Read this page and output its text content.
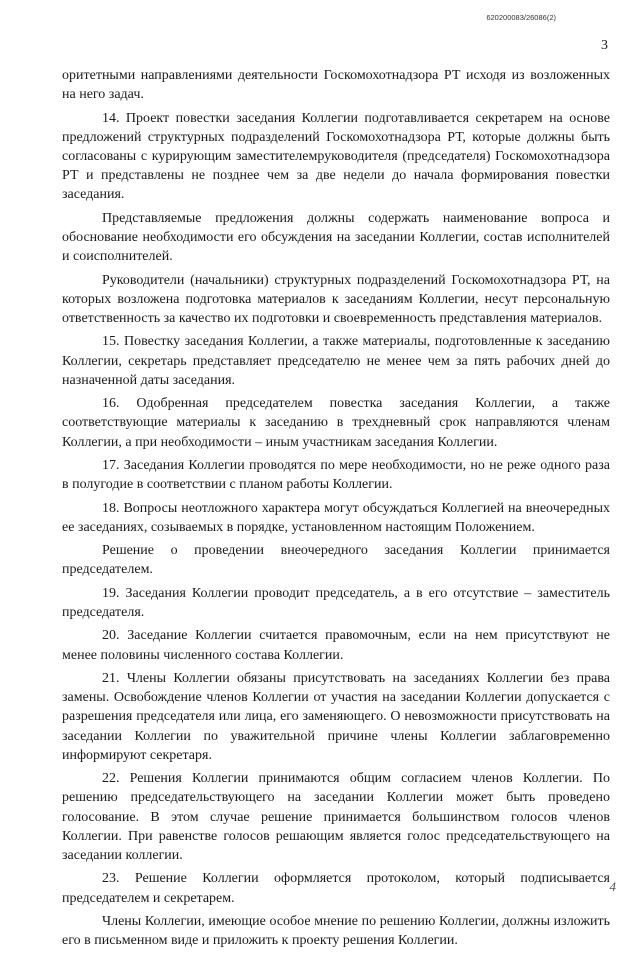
620200083/26086(2)
3

оритетными направлениями деятельности Госкомохотнадзора РТ исходя из возложенных на него задач.

14. Проект повестки заседания Коллегии подготавливается секретарем на основе предложений структурных подразделений Госкомохотнадзора РТ, которые должны быть согласованы с курирующим заместителемруководителя (председателя) Госкомохотнадзора РТ и представлены не позднее чем за две недели до начала формирования повестки заседания.

Представляемые предложения должны содержать наименование вопроса и обоснование необходимости его обсуждения на заседании Коллегии, состав исполнителей и соисполнителей.

Руководители (начальники) структурных подразделений Госкомохотнадзора РТ, на которых возложена подготовка материалов к заседаниям Коллегии, несут персональную ответственность за качество их подготовки и своевременность представления материалов.

15. Повестку заседания Коллегии, а также материалы, подготовленные к заседанию Коллегии, секретарь представляет председателю не менее чем за пять рабочих дней до назначенной даты заседания.

16. Одобренная председателем повестка заседания Коллегии, а также соответствующие материалы к заседанию в трехдневный срок направляются членам Коллегии, а при необходимости – иным участникам заседания Коллегии.

17. Заседания Коллегии проводятся по мере необходимости, но не реже одного раза в полугодие в соответствии с планом работы Коллегии.

18. Вопросы неотложного характера могут обсуждаться Коллегией на внеочередных ее заседаниях, созываемых в порядке, установленном настоящим Положением.

Решение о проведении внеочередного заседания Коллегии принимается председателем.

19. Заседания Коллегии проводит председатель, а в его отсутствие – заместитель председателя.

20. Заседание Коллегии считается правомочным, если на нем присутствуют не менее половины численного состава Коллегии.

21. Члены Коллегии обязаны присутствовать на заседаниях Коллегии без права замены. Освобождение членов Коллегии от участия на заседании Коллегии допускается с разрешения председателя или лица, его заменяющего. О невозможности присутствовать на заседании Коллегии по уважительной причине члены Коллегии заблаговременно информируют секретаря.

22. Решения Коллегии принимаются общим согласием членов Коллегии. По решению председательствующего на заседании Коллегии может быть проведено голосование. В этом случае решение принимается большинством голосов членов Коллегии. При равенстве голосов решающим является голос председательствующего на заседании коллегии.

23. Решение Коллегии оформляется протоколом, который подписывается председателем и секретарем.

Члены Коллегии, имеющие особое мнение по решению Коллегии, должны изложить его в письменном виде и приложить к проекту решения Коллегии.

4
